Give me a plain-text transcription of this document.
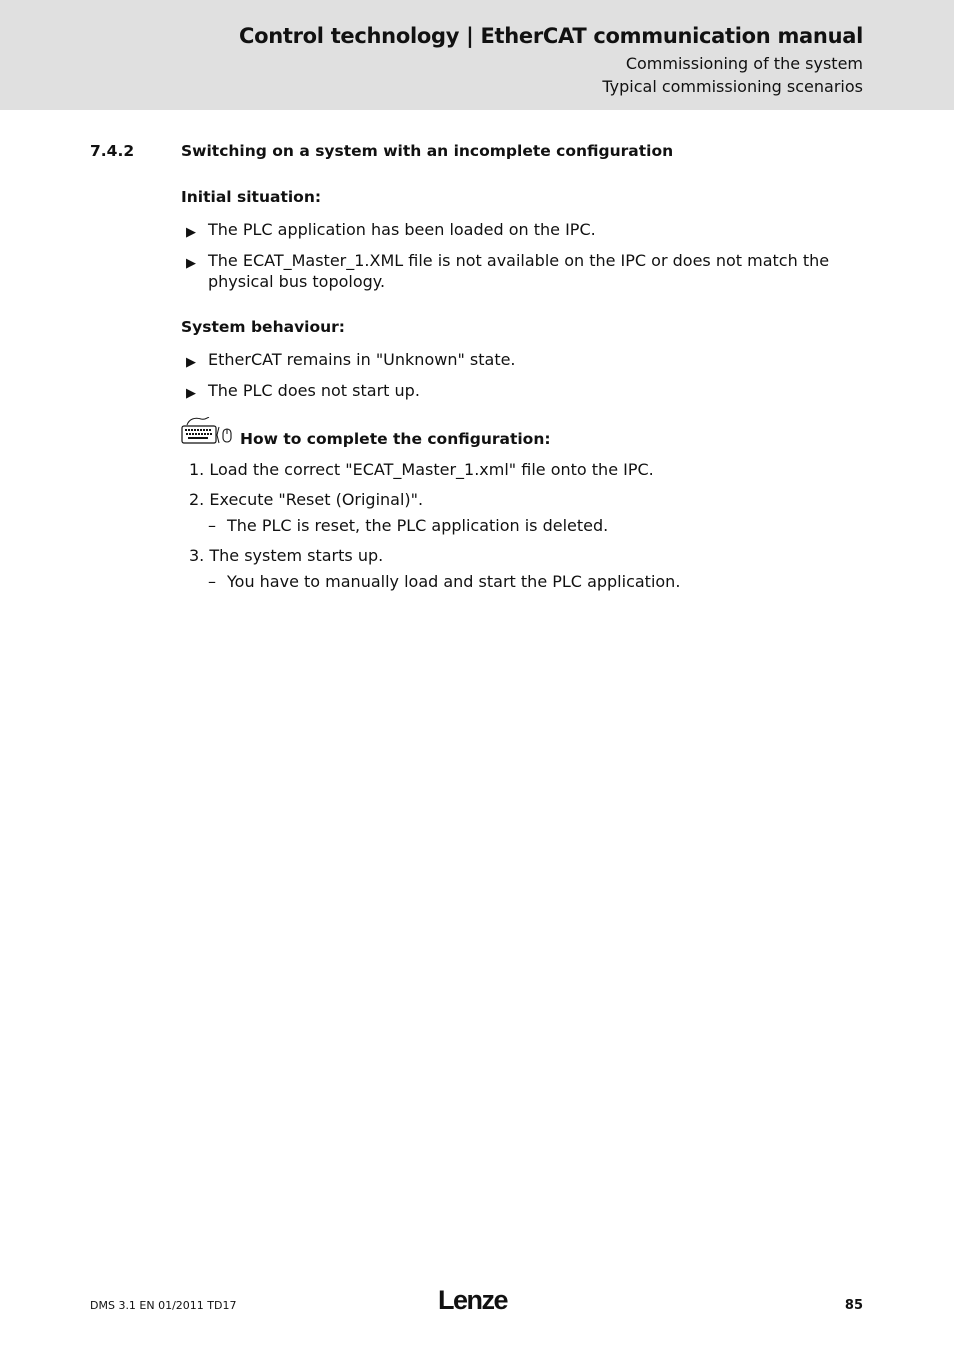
Control technology | EtherCAT communication manual
Commissioning of the system
Typical commissioning scenarios
7.4.2	Switching on a system with an incomplete configuration
Initial situation:
▶ The PLC application has been loaded on the IPC.
▶ The ECAT_Master_1.XML file is not available on the IPC or does not match the physical bus topology.
System behaviour:
▶ EtherCAT remains in "Unknown" state.
▶ The PLC does not start up.
How to complete the configuration:
1. Load the correct "ECAT_Master_1.xml" file onto the IPC.
2. Execute "Reset (Original)".
– The PLC is reset, the PLC application is deleted.
3. The system starts up.
– You have to manually load and start the PLC application.
DMS 3.1 EN 01/2011 TD17	Lenze	85
